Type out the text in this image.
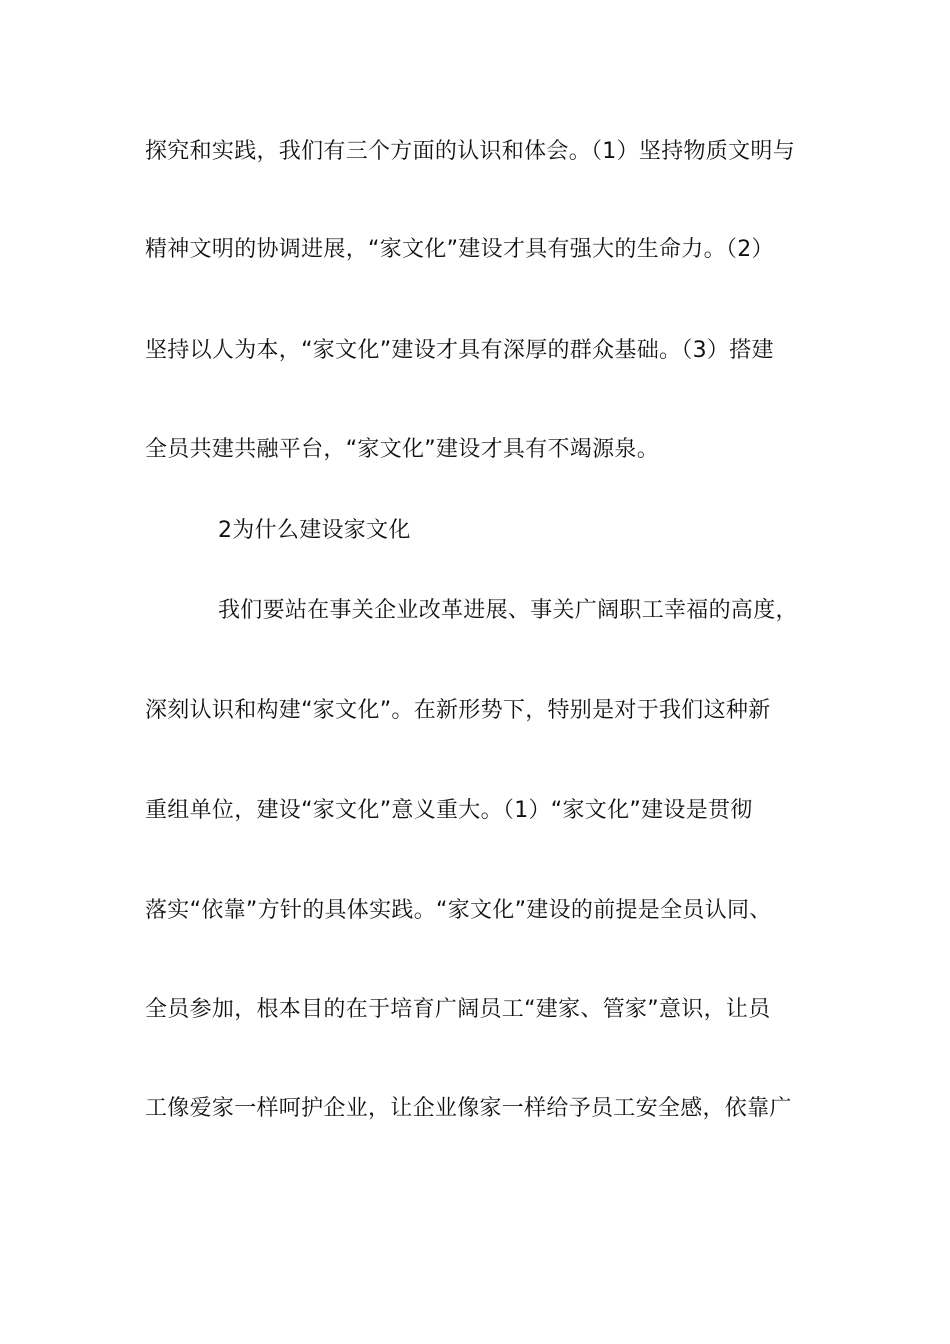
探究和实践，我们有三个方面的认识和体会。（1）坚持物质文明与
精神文明的协调进展，“家文化”建设才具有强大的生命力。（2）
坚持以人为本，“家文化”建设才具有深厚的群众基础。（3）搭建
全员共建共融平台，“家文化”建设才具有不竭源泉。
2为什么建设家文化
我们要站在事关企业改革进展、事关广阔职工幸福的高度，
深刻认识和构建“家文化”。在新形势下，特别是对于我们这种新
重组单位，建设“家文化”意义重大。（1）“家文化”建设是贯彻
落实“依靠”方针的具体实践。“家文化”建设的前提是全员认同、
全员参加，根本目的在于培育广阔员工“建家、管家”意识，让员
工像爱家一样呵护企业，让企业像家一样给予员工安全感，依靠广
